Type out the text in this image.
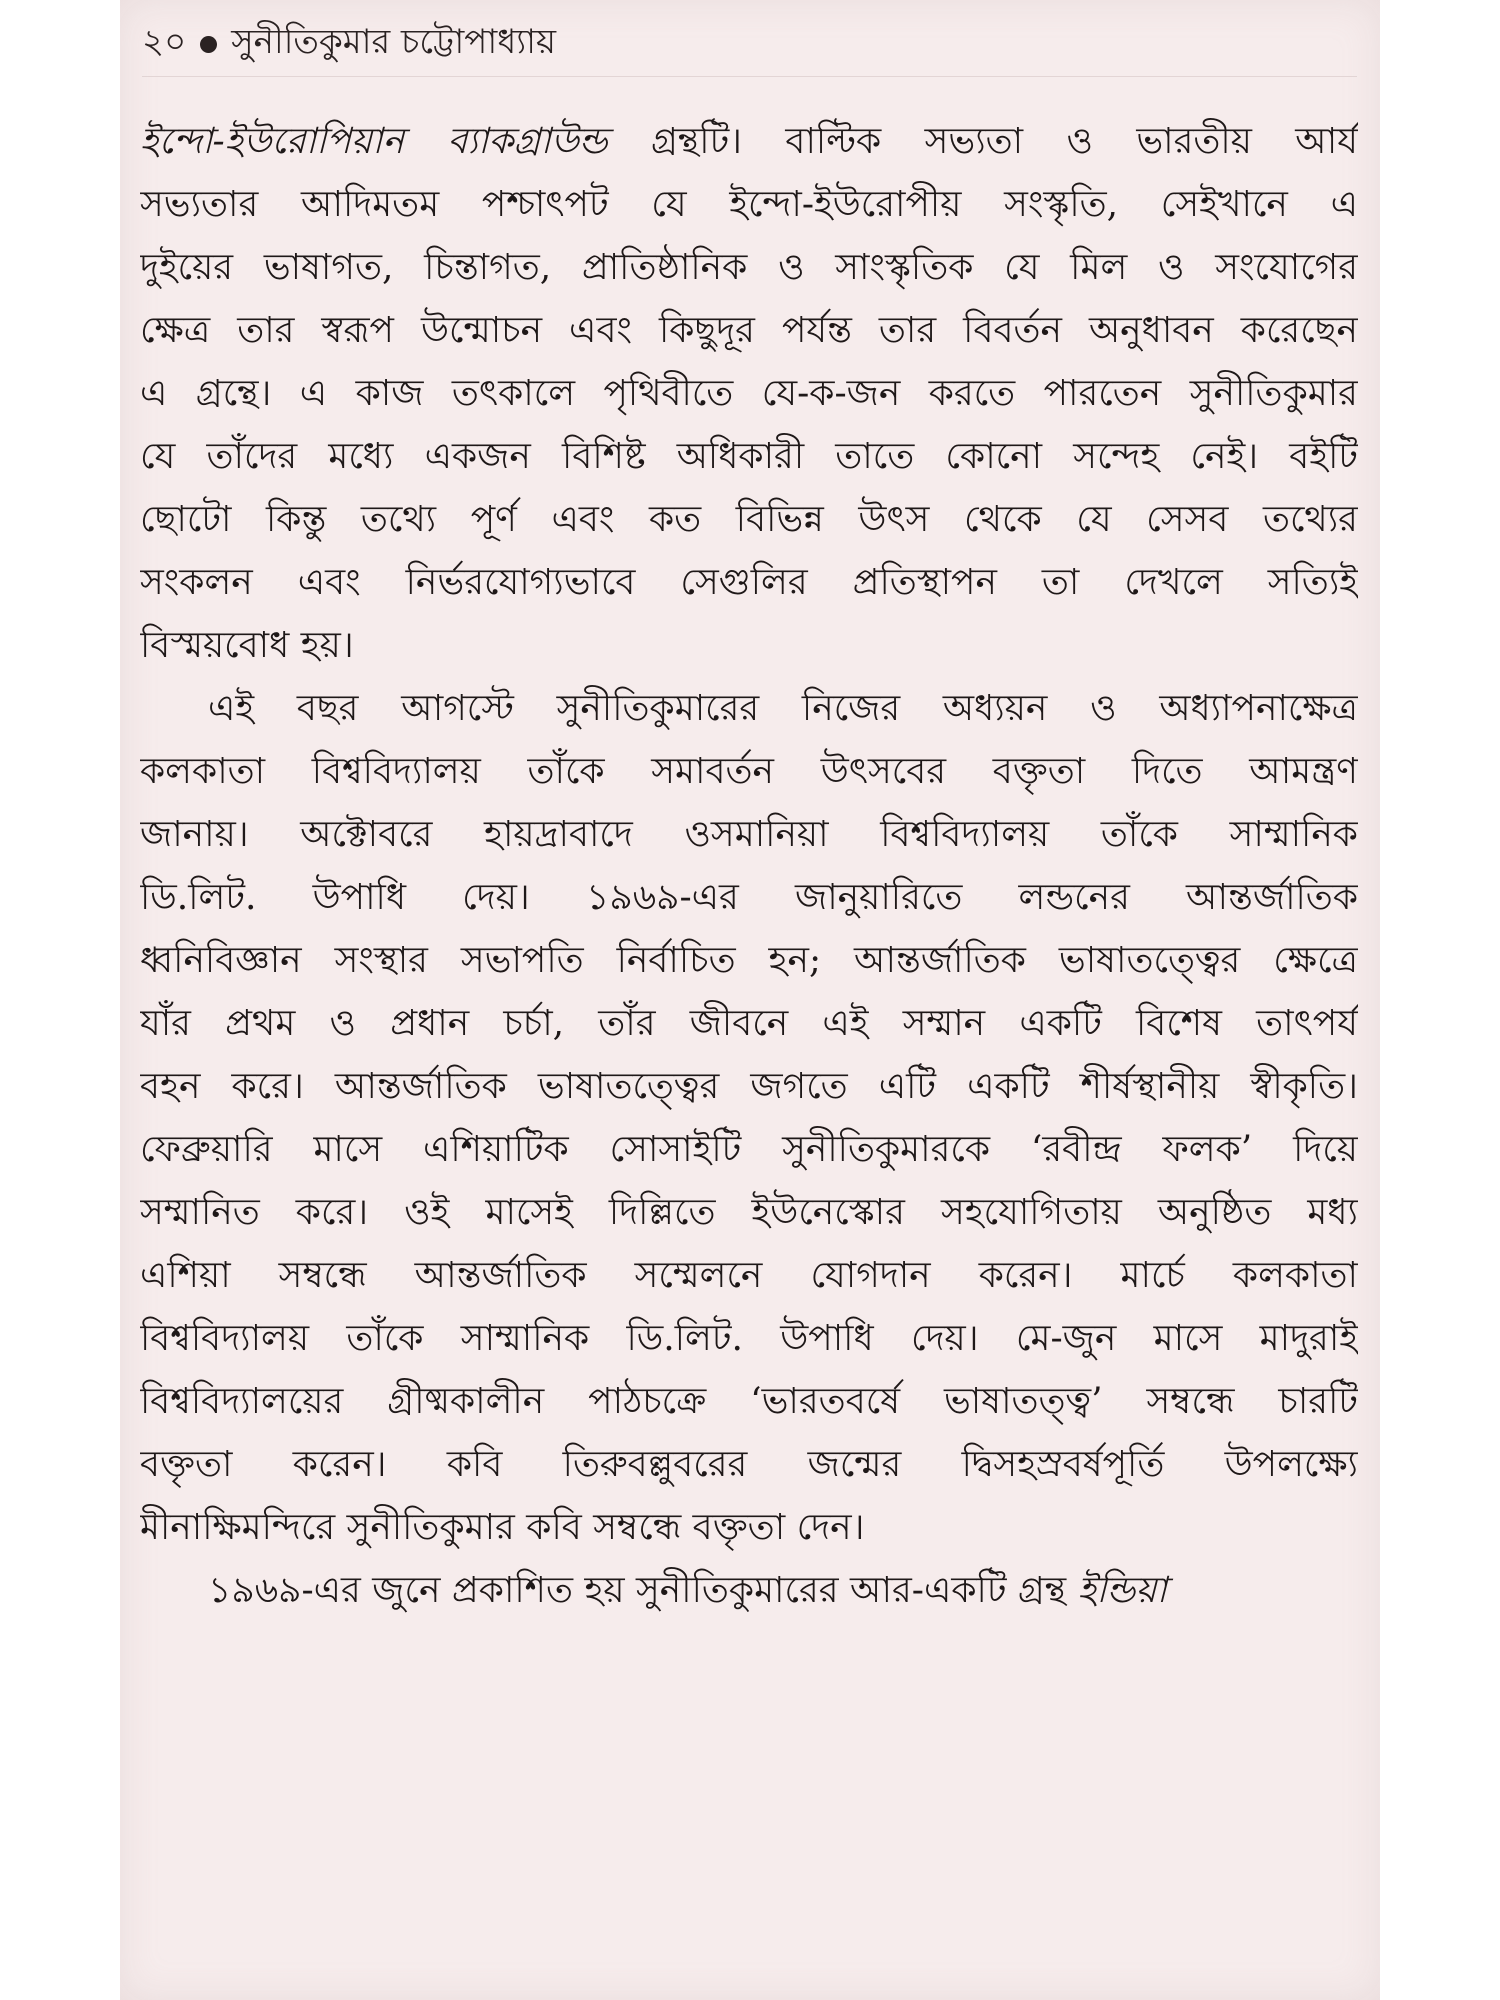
২০ সুনীতিকুমার চট্টোপাধ্যায়
ইন্দো-ইউরোপিয়ান ব্যাকগ্রাউন্ড গ্রন্থটি। বাল্টিক সভ্যতা ও ভারতীয় আর্য
সভ্যতার আদিমতম পশ্চাৎপট যে ইন্দো-ইউরোপীয় সংস্কৃতি, সেইখানে এ
দুইয়ের ভাষাগত, চিন্তাগত, প্রাতিষ্ঠানিক ও সাংস্কৃতিক যে মিল ও সংযোগের
ক্ষেত্র তার স্বরূপ উন্মোচন এবং কিছুদূর পর্যন্ত তার বিবর্তন অনুধাবন করেছেন
এ গ্রন্থে। এ কাজ তৎকালে পৃথিবীতে যে-ক-জন করতে পারতেন সুনীতিকুমার
যে তাঁদের মধ্যে একজন বিশিষ্ট অধিকারী তাতে কোনো সন্দেহ নেই। বইটি
ছোটো কিন্তু তথ্যে পূর্ণ এবং কত বিভিন্ন উৎস থেকে যে সেসব তথ্যের
সংকলন এবং নির্ভরযোগ্যভাবে সেগুলির প্রতিস্থাপন তা দেখলে সত্যিই
বিস্ময়বোধ হয়।
এই বছর আগস্টে সুনীতিকুমারের নিজের অধ্যয়ন ও অধ্যাপনাক্ষেত্র
কলকাতা বিশ্ববিদ্যালয় তাঁকে সমাবর্তন উৎসবের বক্তৃতা দিতে আমন্ত্রণ
জানায়। অক্টোবরে হায়দ্রাবাদে ওসমানিয়া বিশ্ববিদ্যালয় তাঁকে সাম্মানিক
ডি.লিট. উপাধি দেয়। ১৯৬৯-এর জানুয়ারিতে লন্ডনের আন্তর্জাতিক
ধ্বনিবিজ্ঞান সংস্থার সভাপতি নির্বাচিত হন; আন্তর্জাতিক ভাষাতত্ত্বের ক্ষেত্রে
যাঁর প্রথম ও প্রধান চর্চা, তাঁর জীবনে এই সম্মান একটি বিশেষ তাৎপর্য
বহন করে। আন্তর্জাতিক ভাষাতত্ত্বের জগতে এটি একটি শীর্ষস্থানীয় স্বীকৃতি।
ফেব্রুয়ারি মাসে এশিয়াটিক সোসাইটি সুনীতিকুমারকে ‘রবীন্দ্র ফলক’ দিয়ে
সম্মানিত করে। ওই মাসেই দিল্লিতে ইউনেস্কোর সহযোগিতায় অনুষ্ঠিত মধ্য
এশিয়া সম্বন্ধে আন্তর্জাতিক সম্মেলনে যোগদান করেন। মার্চে কলকাতা
বিশ্ববিদ্যালয় তাঁকে সাম্মানিক ডি.লিট. উপাধি দেয়। মে-জুন মাসে মাদুরাই
বিশ্ববিদ্যালয়ের গ্রীষ্মকালীন পাঠচক্রে ‘ভারতবর্ষে ভাষাতত্ত্ব’ সম্বন্ধে চারটি
বক্তৃতা করেন। কবি তিরুবল্লুবরের জন্মের দ্বিসহস্রবর্ষপূর্তি উপলক্ষ্যে
মীনাক্ষিমন্দিরে সুনীতিকুমার কবি সম্বন্ধে বক্তৃতা দেন।
১৯৬৯-এর জুনে প্রকাশিত হয় সুনীতিকুমারের আর-একটি গ্রন্থ ইন্ডিয়া
